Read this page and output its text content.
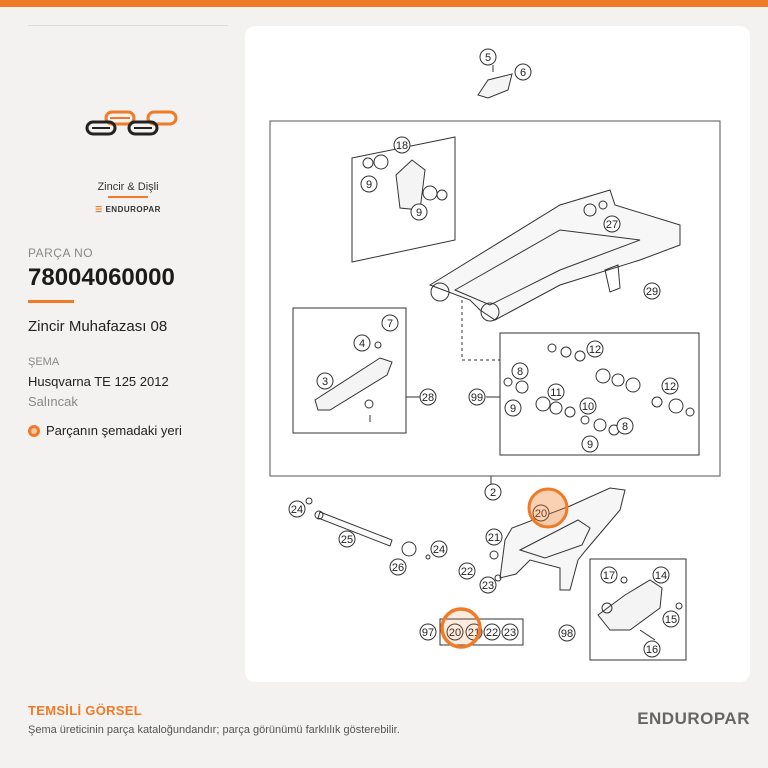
Zincir & Dişli
☰ ENDUROPAR
PARÇA NO
78004060000
Zincir Muhafazası 08
ŞEMA
Husqvarna TE 125 2012
Salıncak
Parçanın şemadaki yeri
5
6
18
9
9
27
29
7
4
3
28
12
8
11	12
99
9	10
8
9
2
24
25
26
24
21
22
23
17	14
15
16
97	21 22 23	98
20
20
TEMSİLİ GÖRSEL
Şema üreticinin parça kataloğundandır; parça görünümü farklılık gösterebilir.
ENDUROPAR
